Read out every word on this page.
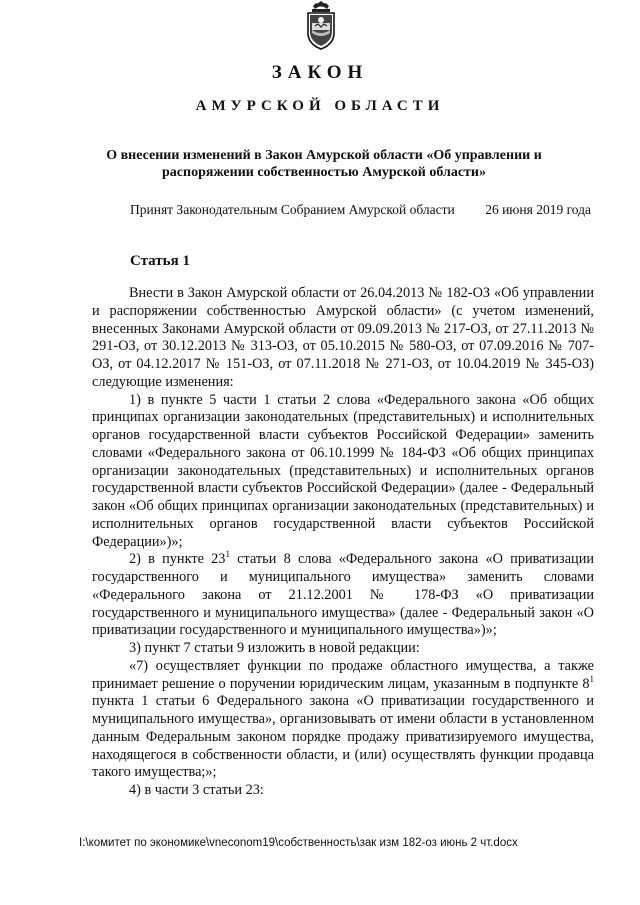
ЗАКОН
АМУРСКОЙ ОБЛАСТИ
О внесении изменений в Закон Амурской области «Об управлении и
распоряжении собственностью Амурской области»
Принят Законодательным Собранием Амурской области 26 июня 2019 года
Статья 1

Внести в Закон Амурской области от 26.04.2013 № 182-ОЗ «Об управлении и распоряжении собственностью Амурской области» (с учетом изменений, внесенных Законами Амурской области от 09.09.2013 № 217-ОЗ, от 27.11.2013 № 291-ОЗ, от 30.12.2013 № 313-ОЗ, от 05.10.2015 № 580-ОЗ, от 07.09.2016 № 707-ОЗ, от 04.12.2017 № 151-ОЗ, от 07.11.2018 № 271-ОЗ, от 10.04.2019 № 345-ОЗ) следующие изменения:

1) в пункте 5 части 1 статьи 2 слова «Федерального закона «Об общих принципах организации законодательных (представительных) и исполнительных органов государственной власти субъектов Российской Федерации» заменить словами «Федерального закона от 06.10.1999 № 184-ФЗ «Об общих принципах организации законодательных (представительных) и исполнительных органов государственной власти субъектов Российской Федерации» (далее - Федеральный закон «Об общих принципах организации законодательных (представительных) и исполнительных органов государственной власти субъектов Российской Федерации»)»;

2) в пункте $23^1$ статьи 8 слова «Федерального закона «О приватизации государственного и муниципального имущества» заменить словами «Федерального закона от 21.12.2001 № 178-ФЗ «О приватизации государственного и муниципального имущества» (далее - Федеральный закон «О приватизации государственного и муниципального имущества»)»;

3) пункт 7 статьи 9 изложить в новой редакции:

«7) осуществляет функции по продаже областного имущества, а также принимает решение о поручении юридическим лицам, указанным в подпункте $8^1$ пункта 1 статьи 6 Федерального закона «О приватизации государственного и муниципального имущества», организовывать от имени области в установленном данным Федеральным законом порядке продажу приватизируемого имущества, находящегося в собственности области, и (или) осуществлять функции продавца такого имущества;»;

4) в части 3 статьи 23:

I:\комитет по экономике\vneconom19\собственность\зак изм 182-оз июнь 2 чт.docx
